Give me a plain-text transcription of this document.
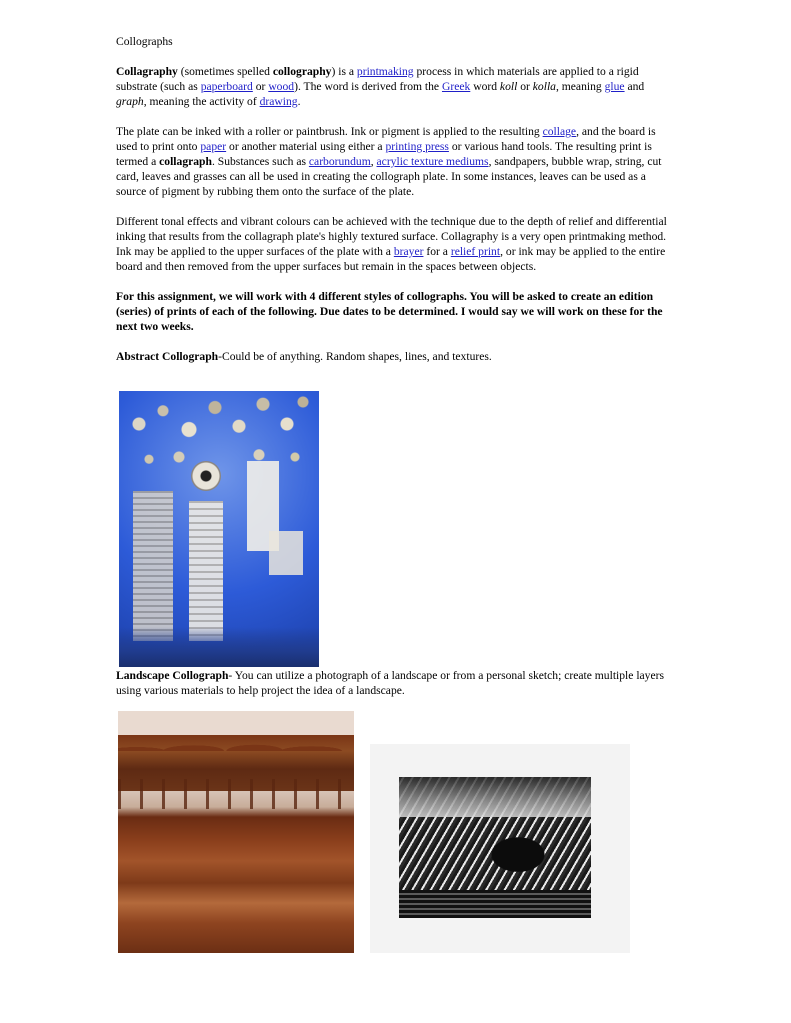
Collographs

Collagraphy (sometimes spelled collography) is a printmaking process in which materials are applied to a rigid substrate (such as paperboard or wood). The word is derived from the Greek word koll or kolla, meaning glue and graph, meaning the activity of drawing.

The plate can be inked with a roller or paintbrush. Ink or pigment is applied to the resulting collage, and the board is used to print onto paper or another material using either a printing press or various hand tools. The resulting print is termed a collagraph. Substances such as carborundum, acrylic texture mediums, sandpapers, bubble wrap, string, cut card, leaves and grasses can all be used in creating the collograph plate. In some instances, leaves can be used as a source of pigment by rubbing them onto the surface of the plate.

Different tonal effects and vibrant colours can be achieved with the technique due to the depth of relief and differential inking that results from the collagraph plate's highly textured surface. Collagraphy is a very open printmaking method. Ink may be applied to the upper surfaces of the plate with a brayer for a relief print, or ink may be applied to the entire board and then removed from the upper surfaces but remain in the spaces between objects.

For this assignment, we will work with 4 different styles of collographs. You will be asked to create an edition (series) of prints of each of the following. Due dates to be determined. I would say we will work on these for the next two weeks.

Abstract Collograph-Could be of anything. Random shapes, lines, and textures.

Landscape Collograph- You can utilize a photograph of a landscape or from a personal sketch; create multiple layers using various materials to help project the idea of a landscape.
